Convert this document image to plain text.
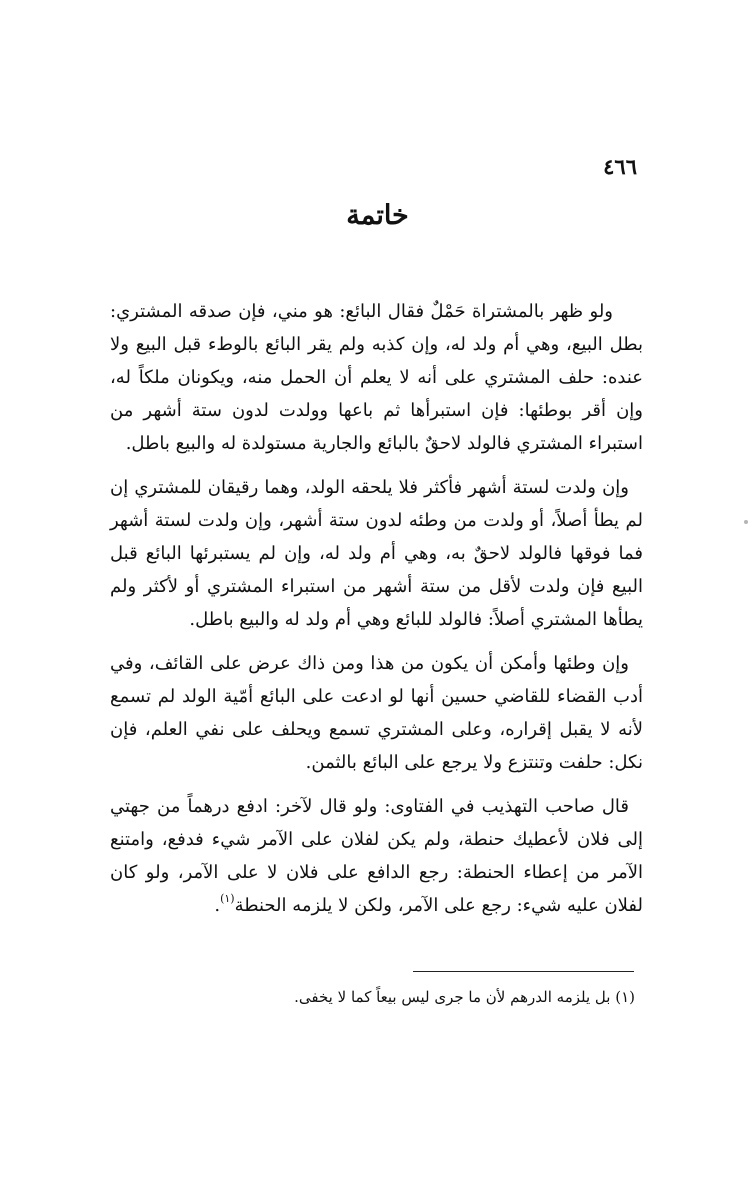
٤٦٦
خاتمة

ولو ظهر بالمشتراة حَمْلٌ فقال البائع: هو مني، فإن صدقه المشتري: بطل البيع، وهي أم ولد له، وإن كذبه ولم يقر البائع بالوطء قبل البيع ولا عنده: حلف المشتري على أنه لا يعلم أن الحمل منه، ويكونان ملكاً له، وإن أقر بوطئها: فإن استبرأها ثم باعها وولدت لدون ستة أشهر من استبراء المشتري فالولد لاحقٌ بالبائع والجارية مستولدة له والبيع باطل.

وإن ولدت لستة أشهر فأكثر فلا يلحقه الولد، وهما رقيقان للمشتري إن لم يطأ أصلاً، أو ولدت من وطئه لدون ستة أشهر، وإن ولدت لستة أشهر فما فوقها فالولد لاحقٌ به، وهي أم ولد له، وإن لم يستبرئها البائع قبل البيع فإن ولدت لأقل من ستة أشهر من استبراء المشتري أو لأكثر ولم يطأها المشتري أصلاً: فالولد للبائع وهي أم ولد له والبيع باطل.

وإن وطئها وأمكن أن يكون من هذا ومن ذاك عرض على القائف، وفي أدب القضاء للقاضي حسين أنها لو ادعت على البائع أمّية الولد لم تسمع لأنه لا يقبل إقراره، وعلى المشتري تسمع ويحلف على نفي العلم، فإن نكل: حلفت وتنتزع ولا يرجع على البائع بالثمن.

قال صاحب التهذيب في الفتاوى: ولو قال لآخر: ادفع درهماً من جهتي إلى فلان لأعطيك حنطة، ولم يكن لفلان على الآمر شيء فدفع، وامتنع الآمر من إعطاء الحنطة: رجع الدافع على فلان لا على الآمر، ولو كان لفلان عليه شيء: رجع على الآمر، ولكن لا يلزمه الحنطة$^{(١)}$.

(١) بل يلزمه الدرهم لأن ما جرى ليس بيعاً كما لا يخفى.
